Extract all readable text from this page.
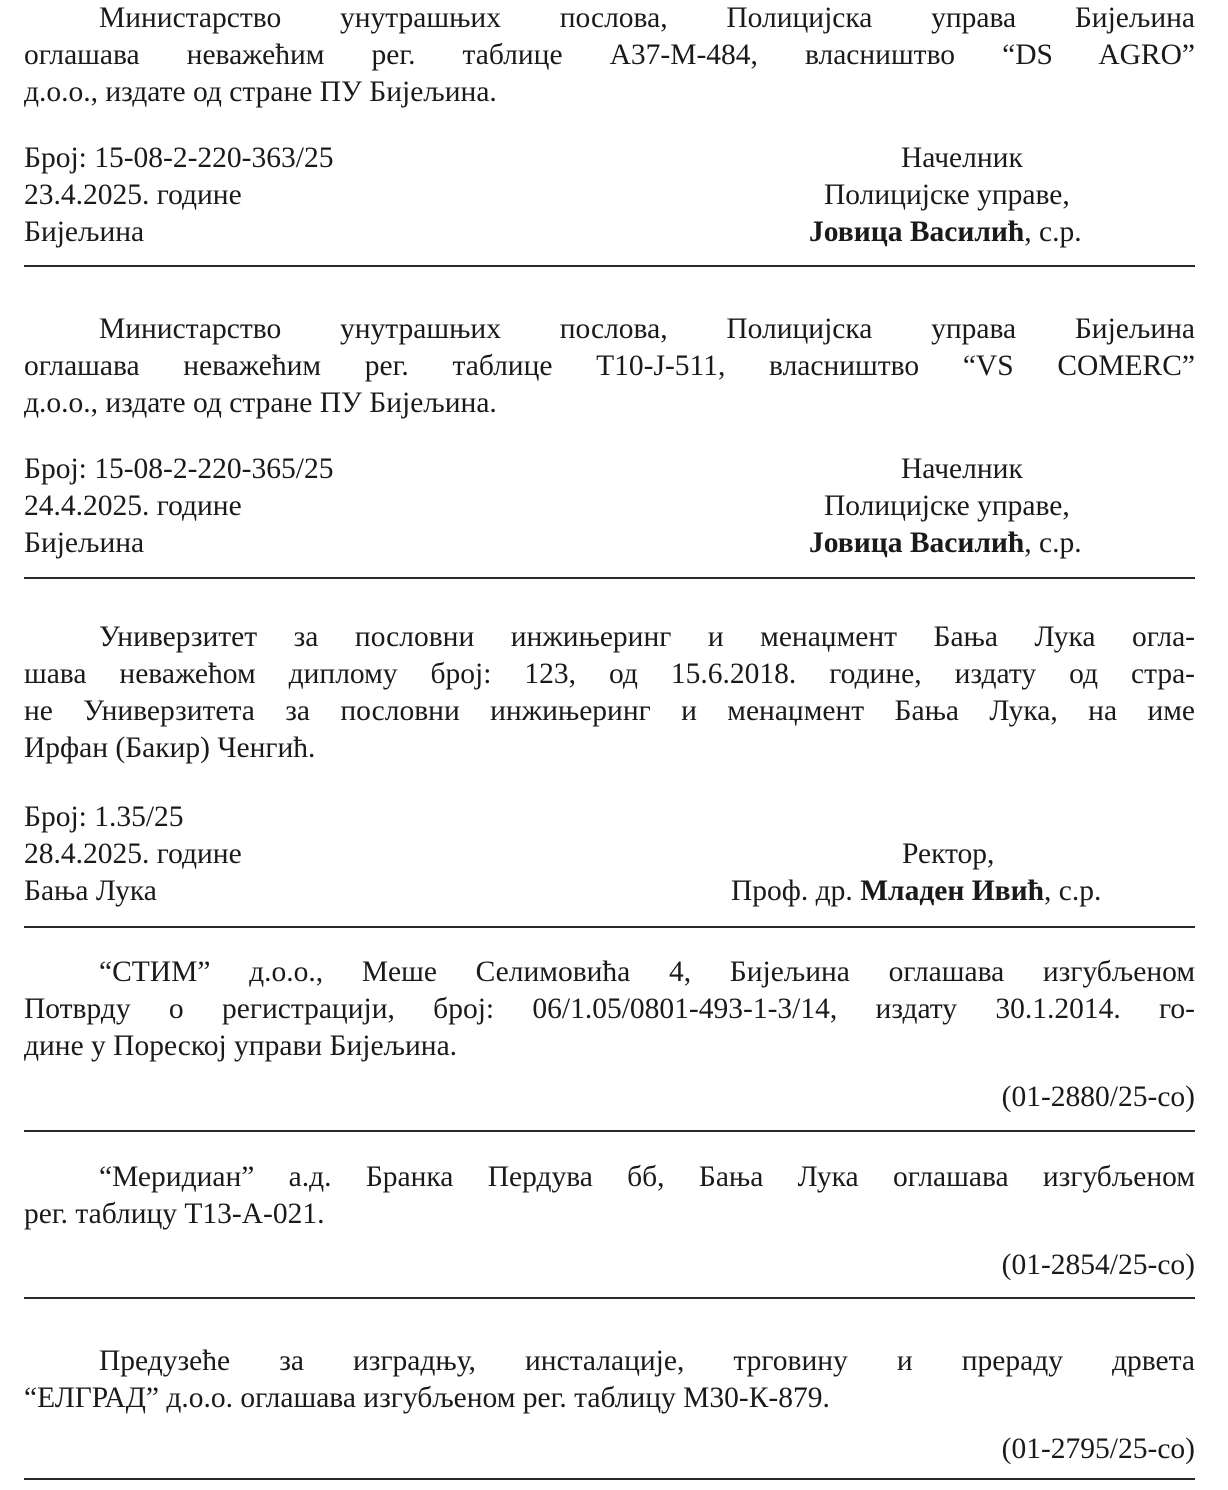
Министарство унутрашњих послова, Полицијска управа Бијељина
оглашава неважећим рег. таблице А37-М-484, власништво “DS AGRO”
д.о.о., издате од стране ПУ Бијељина.
Број: 15-08-2-220-363/25	Начелник
23.4.2025. године	Полицијске управе,
Бијељина	Јовица Василић, с.р.
Министарство унутрашњих послова, Полицијска управа Бијељина
оглашава неважећим рег. таблице Т10-Ј-511, власништво “VS COMERC”
д.о.о., издате од стране ПУ Бијељина.
Број: 15-08-2-220-365/25	Начелник
24.4.2025. године	Полицијске управе,
Бијељина	Јовица Василић, с.р.
Универзитет за пословни инжињеринг и менаџмент Бања Лука огла-
шава неважећом диплому број: 123, од 15.6.2018. године, издату од стра-
не Универзитета за пословни инжињеринг и менаџмент Бања Лука, на име
Ирфан (Бакир) Ченгић.
Број: 1.35/25
28.4.2025. године	Ректор,
Бања Лука	Проф. др. Младен Ивић, с.р.
“СТИМ” д.о.о., Мeше Селимовића 4, Бијељина оглашава изгубљеном
Потврду о регистрацији, број: 06/1.05/0801-493-1-3/14, издату 30.1.2014. го-
дине у Пореској управи Бијељина.
(01-2880/25-со)
“Меридиан” а.д. Бранка Пердува бб, Бања Лука оглашава изгубљеном
рег. таблицу Т13-А-021.
(01-2854/25-со)
Предузеће за изградњу, инсталације, трговину и прераду дрвета
“ЕЛГРАД” д.о.о. оглашава изгубљеном рег. таблицу М30-К-879.
(01-2795/25-со)
